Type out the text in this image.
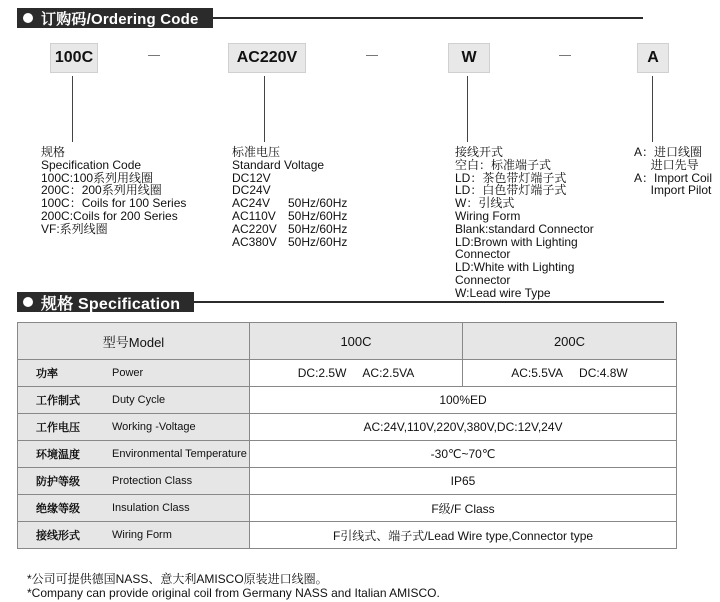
订购码/Ordering Code
100C	AC220V	W	A
规格
Specification Code
100C:100系列用线圈
200C：200系列用线圈
100C：Coils for 100 Series
200C:Coils for 200 Series
VF:系列线圈
标准电压
Standard Voltage
DC12V
DC24V
AC24V	50Hz/60Hz
AC110V	50Hz/60Hz
AC220V 50Hz/60Hz
AC380V 50Hz/60Hz
接线开式
空白：标准端子式
LD：茶色带灯端子式
LD：白色带灯端子式
W：引线式
Wiring Form
Blank:standard Connector
LD:Brown with Lighting
Connector
LD:White with Lighting
Connector
W:Lead wire Type
A：进口线圈
进口先导
A：Import Coil
Import Pilot
规格 Specification
型号Model	100C	200C

功率 Power	DC:2.5W     AC:2.5VA	AC:5.5VA     DC:4.8W

工作制式 Duty Cycle	100%ED	

工作电压 Working -Voltage	AC:24V,110V,220V,380V,DC:12V,24V	

环境温度 Environmental Temperature	-30℃~70℃	

防护等级 Protection Class	IP65	

绝缘等级 Insulation Class	F级/F Class	

接线形式 Wiring Form	F引线式、端子式/Lead Wire type,Connector type	
*公司可提供德国NASS、意大利AMISCO原装进口线圈。
*Company can provide original coil from Germany NASS and Italian AMISCO.
